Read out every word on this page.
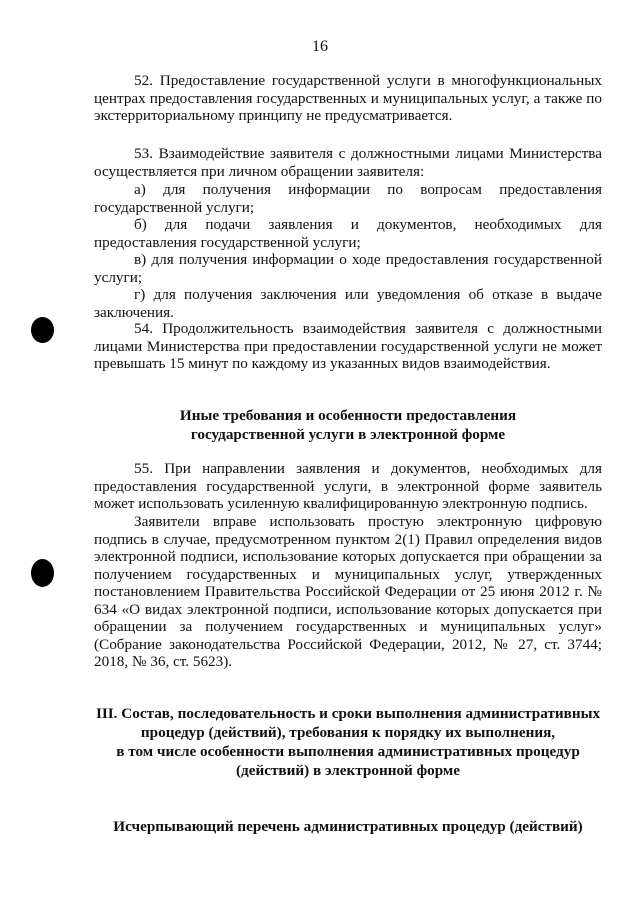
16
52. Предоставление государственной услуги в многофункциональных центрах предоставления государственных и муниципальных услуг, а также по экстерриториальному принципу не предусматривается.
53. Взаимодействие заявителя с должностными лицами Министерства осуществляется при личном обращении заявителя:
а) для получения информации по вопросам предоставления государственной услуги;
б) для подачи заявления и документов, необходимых для предоставления государственной услуги;
в) для получения информации о ходе предоставления государственной услуги;
г) для получения заключения или уведомления об отказе в выдаче заключения.
54. Продолжительность взаимодействия заявителя с должностными лицами Министерства при предоставлении государственной услуги не может превышать 15 минут по каждому из указанных видов взаимодействия.
Иные требования и особенности предоставления
государственной услуги в электронной форме
55. При направлении заявления и документов, необходимых для предоставления государственной услуги, в электронной форме заявитель может использовать усиленную квалифицированную электронную подпись.
Заявители вправе использовать простую электронную цифровую подпись в случае, предусмотренном пунктом 2(1) Правил определения видов электронной подписи, использование которых допускается при обращении за получением государственных и муниципальных услуг, утвержденных постановлением Правительства Российской Федерации от 25 июня 2012 г. № 634 «О видах электронной подписи, использование которых допускается при обращении за получением государственных и муниципальных услуг» (Собрание законодательства Российской Федерации, 2012, № 27, ст. 3744; 2018, № 36, ст. 5623).
III. Состав, последовательность и сроки выполнения административных
процедур (действий), требования к порядку их выполнения,
в том числе особенности выполнения административных процедур
(действий) в электронной форме
Исчерпывающий перечень административных процедур (действий)
